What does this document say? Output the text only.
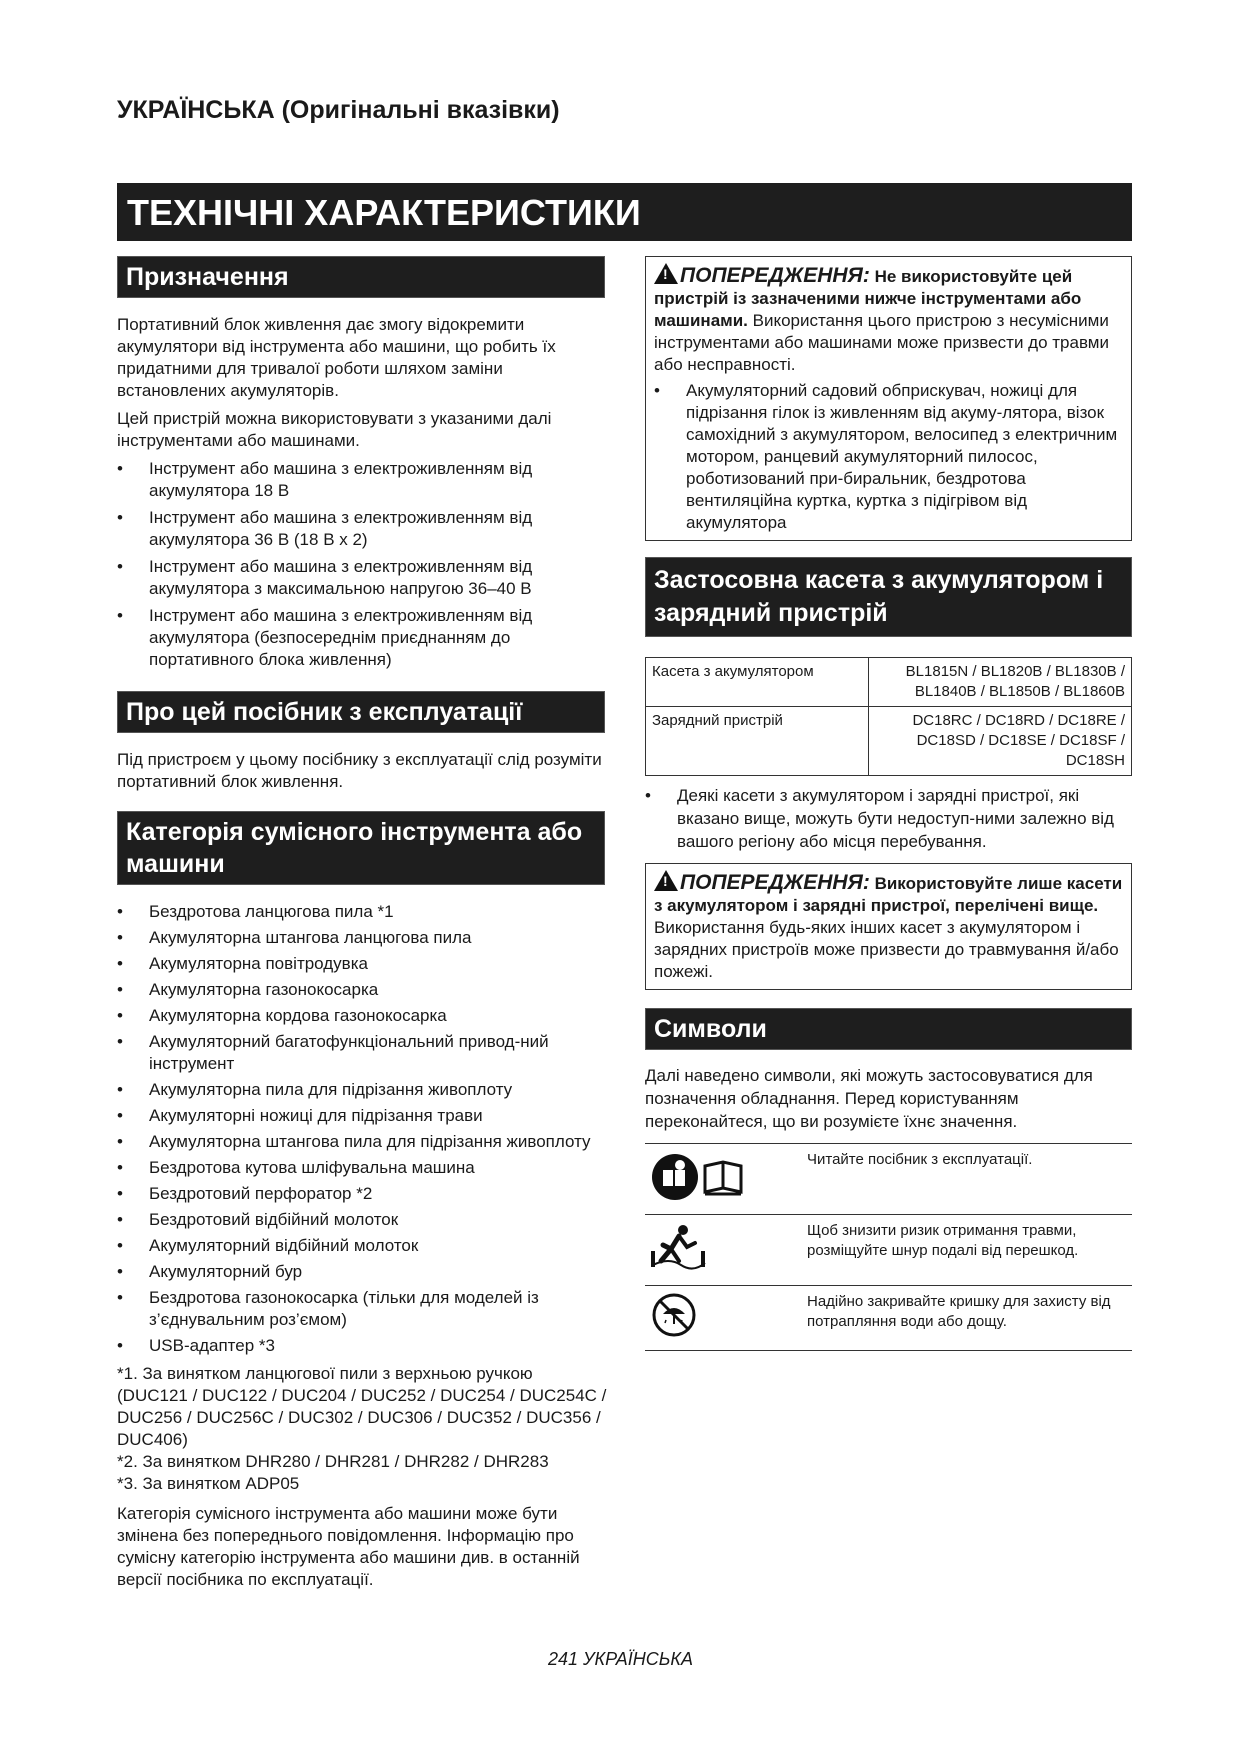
УКРАЇНСЬКА (Оригінальні вказівки)
ТЕХНІЧНІ ХАРАКТЕРИСТИКИ
Призначення

Портативний блок живлення дає змогу відокремити акумулятори від інструмента або машини, що робить їх придатними для тривалої роботи шляхом заміни встановлених акумуляторів.

Цей пристрій можна використовувати з указаними далі інструментами або машинами.

• Інструмент або машина з електроживленням від акумулятора 18 В
• Інструмент або машина з електроживленням від акумулятора 36 В (18 В x 2)
• Інструмент або машина з електроживленням від акумулятора з максимальною напругою 36–40 В
• Інструмент або машина з електроживленням від акумулятора (безпосереднім приєднанням до портативного блока живлення)
Про цей посібник з експлуатації

Під пристроєм у цьому посібнику з експлуатації слід розуміти портативний блок живлення.

Категорія сумісного інструмента або машини
• Бездротова ланцюгова пила *1
• Акумуляторна штангова ланцюгова пила
• Акумуляторна повітродувка
• Акумуляторна газонокосарка
• Акумуляторна кордова газонокосарка
• Акумуляторний багатофункціональний привод-ний інструмент
• Акумуляторна пила для підрізання живоплоту
• Акумуляторні ножиці для підрізання трави
• Акумуляторна штангова пила для підрізання живоплоту
• Бездротова кутова шліфувальна машина
• Бездротовий перфоратор *2
• Бездротовий відбійний молоток
• Акумуляторний відбійний молоток
• Акумуляторний бур
• Бездротова газонокосарка (тільки для моделей із з’єднувальним роз’ємом)
• USB-адаптер *3

*1. За винятком ланцюгової пили з верхньою ручкою (DUC121 / DUC122 / DUC204 / DUC252 / DUC254 / DUC254C / DUC256 / DUC256C / DUC302 / DUC306 / DUC352 / DUC356 / DUC406)

*2. За винятком DHR280 / DHR281 / DHR282 / DHR283

*3. За винятком ADP05

Категорія сумісного інструмента або машини може бути змінена без попереднього повідомлення. Інформацію про сумісну категорію інструмента або машини див. в останній версії посібника по експлуатації.

! ПОПЕРЕДЖЕННЯ: Не використовуйте цей пристрій із зазначеними нижче інструментами або машинами. Використання цього пристрою з несумісними інструментами або машинами може призвести до травми або несправності.
• Акумуляторний садовий обприскувач, ножиці для підрізання гілок із живленням від акуму-лятора, візок самохідний з акумулятором, велосипед з електричним мотором, ранцевий акумуляторний пилосос, роботизований при-биральник, бездротова вентиляційна куртка, куртка з підігрівом від акумулятора
Застосовна касета з акумулятором і зарядний пристрій
Касета з акумулятором	BL1815N / BL1820B / BL1830B / BL1840B / BL1850B / BL1860B
Зарядний пристрій	DC18RC / DC18RD / DC18RE / DC18SD / DC18SE / DC18SF / DC18SH
• Деякі касети з акумулятором і зарядні пристрої, які вказано вище, можуть бути недоступ-ними залежно від вашого регіону або місця перебування.
! ПОПЕРЕДЖЕННЯ: Використовуйте лише касети з акумулятором і зарядні пристрої, перелічені вище. Використання будь-яких інших касет з акумулятором і зарядних пристроїв може призвести до травмування й/або пожежі.
Символи

Далі наведено символи, які можуть застосовуватися для позначення обладнання. Перед користуванням переконайтеся, що ви розумієте їхнє значення.

	Читайте посібник з експлуатації.
	Щоб знизити ризик отримання травми, розміщуйте шнур подалі від перешкод.
	Надійно закривайте кришку для захисту від потрапляння води або дощу.
241 УКРАЇНСЬКА
